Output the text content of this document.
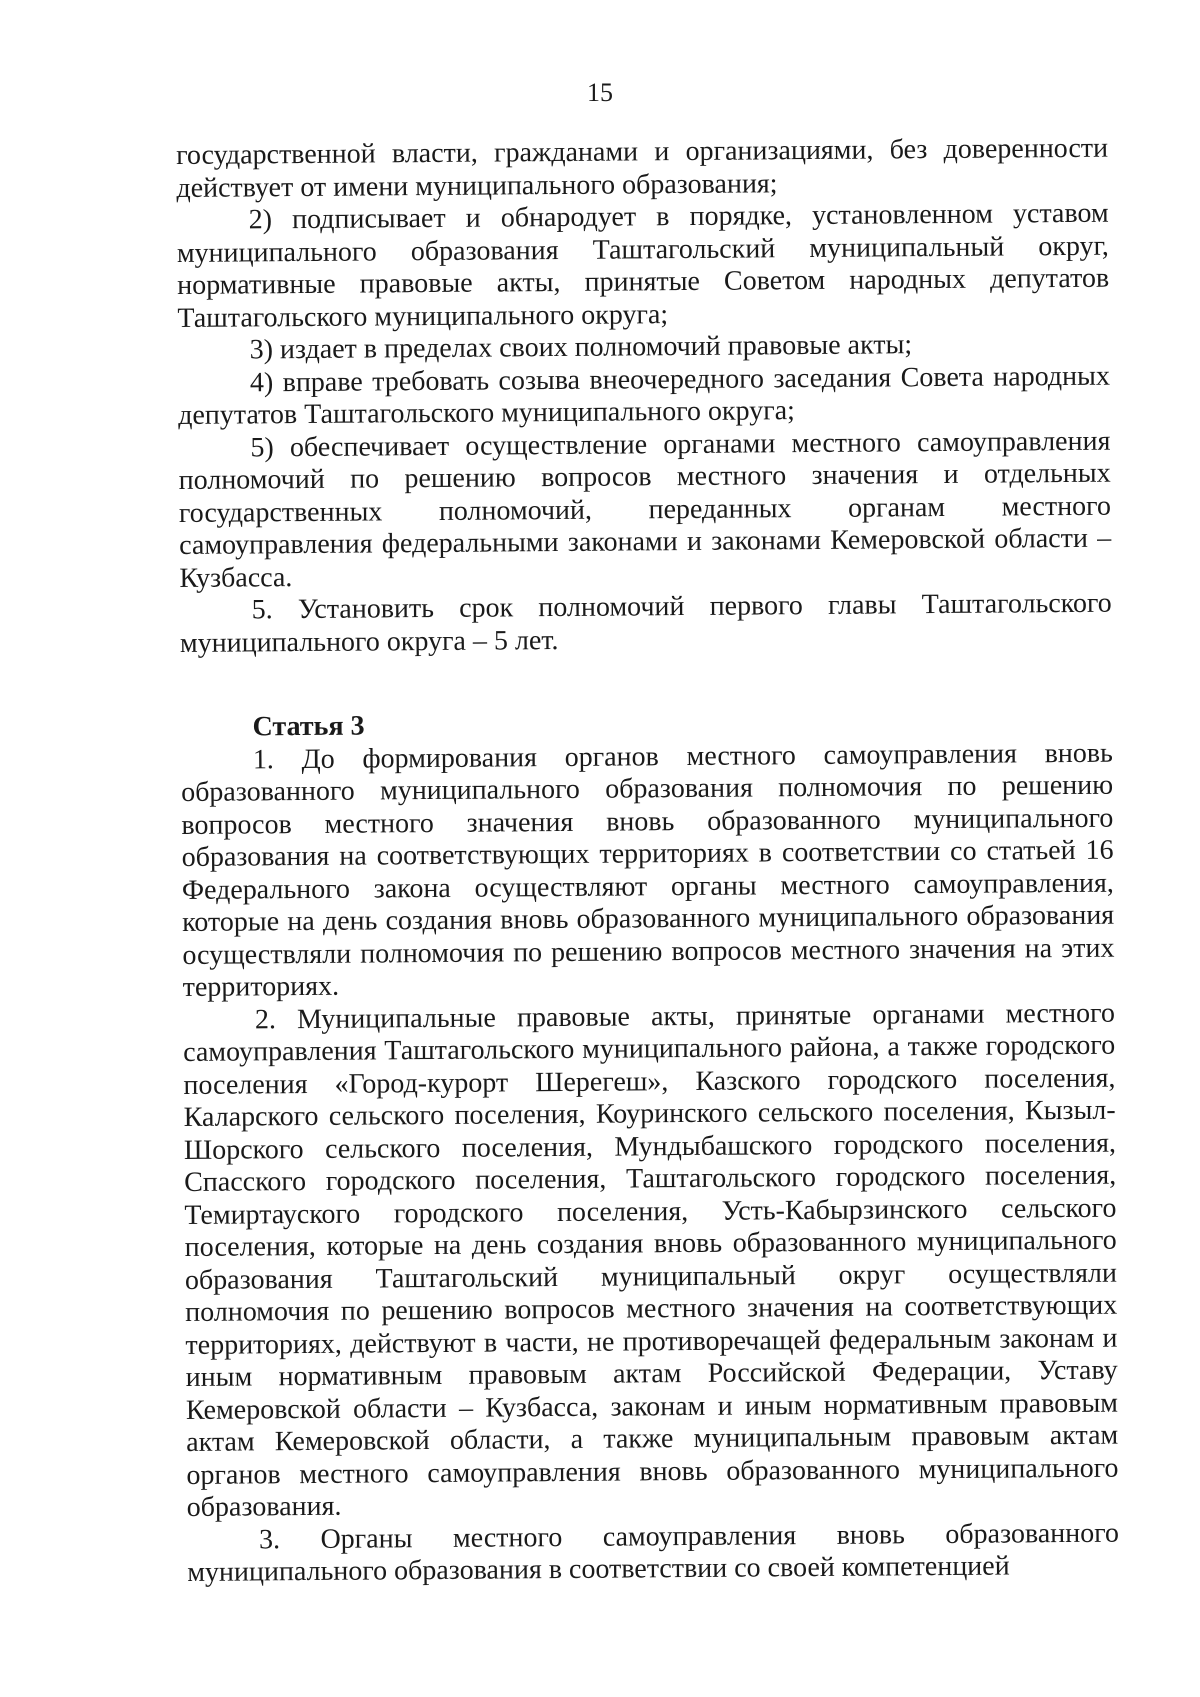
15

государственной власти, гражданами и организациями, без доверенности действует от имени муниципального образования;

2) подписывает и обнародует в порядке, установленном уставом муниципального образования Таштагольский муниципальный округ, нормативные правовые акты, принятые Советом народных депутатов Таштагольского муниципального округа;

3) издает в пределах своих полномочий правовые акты;

4) вправе требовать созыва внеочередного заседания Совета народных депутатов Таштагольского муниципального округа;

5) обеспечивает осуществление органами местного самоуправления полномочий по решению вопросов местного значения и отдельных государственных полномочий, переданных органам местного самоуправления федеральными законами и законами Кемеровской области – Кузбасса.

5. Установить срок полномочий первого главы Таштагольского муниципального округа – 5 лет.

Статья 3

1. До формирования органов местного самоуправления вновь образованного муниципального образования полномочия по решению вопросов местного значения вновь образованного муниципального образования на соответствующих территориях в соответствии со статьей 16 Федерального закона осуществляют органы местного самоуправления, которые на день создания вновь образованного муниципального образования осуществляли полномочия по решению вопросов местного значения на этих территориях.

2. Муниципальные правовые акты, принятые органами местного самоуправления Таштагольского муниципального района, а также городского поселения «Город-курорт Шерегеш», Казского городского поселения, Каларского сельского поселения, Коуринского сельского поселения, Кызыл-Шорского сельского поселения, Мундыбашского городского поселения, Спасского городского поселения, Таштагольского городского поселения, Темиртауского городского поселения, Усть-Кабырзинского сельского поселения, которые на день создания вновь образованного муниципального образования Таштагольский муниципальный округ осуществляли полномочия по решению вопросов местного значения на соответствующих территориях, действуют в части, не противоречащей федеральным законам и иным нормативным правовым актам Российской Федерации, Уставу Кемеровской области – Кузбасса, законам и иным нормативным правовым актам Кемеровской области, а также муниципальным правовым актам органов местного самоуправления вновь образованного муниципального образования.

3. Органы местного самоуправления вновь образованного муниципального образования в соответствии со своей компетенцией
